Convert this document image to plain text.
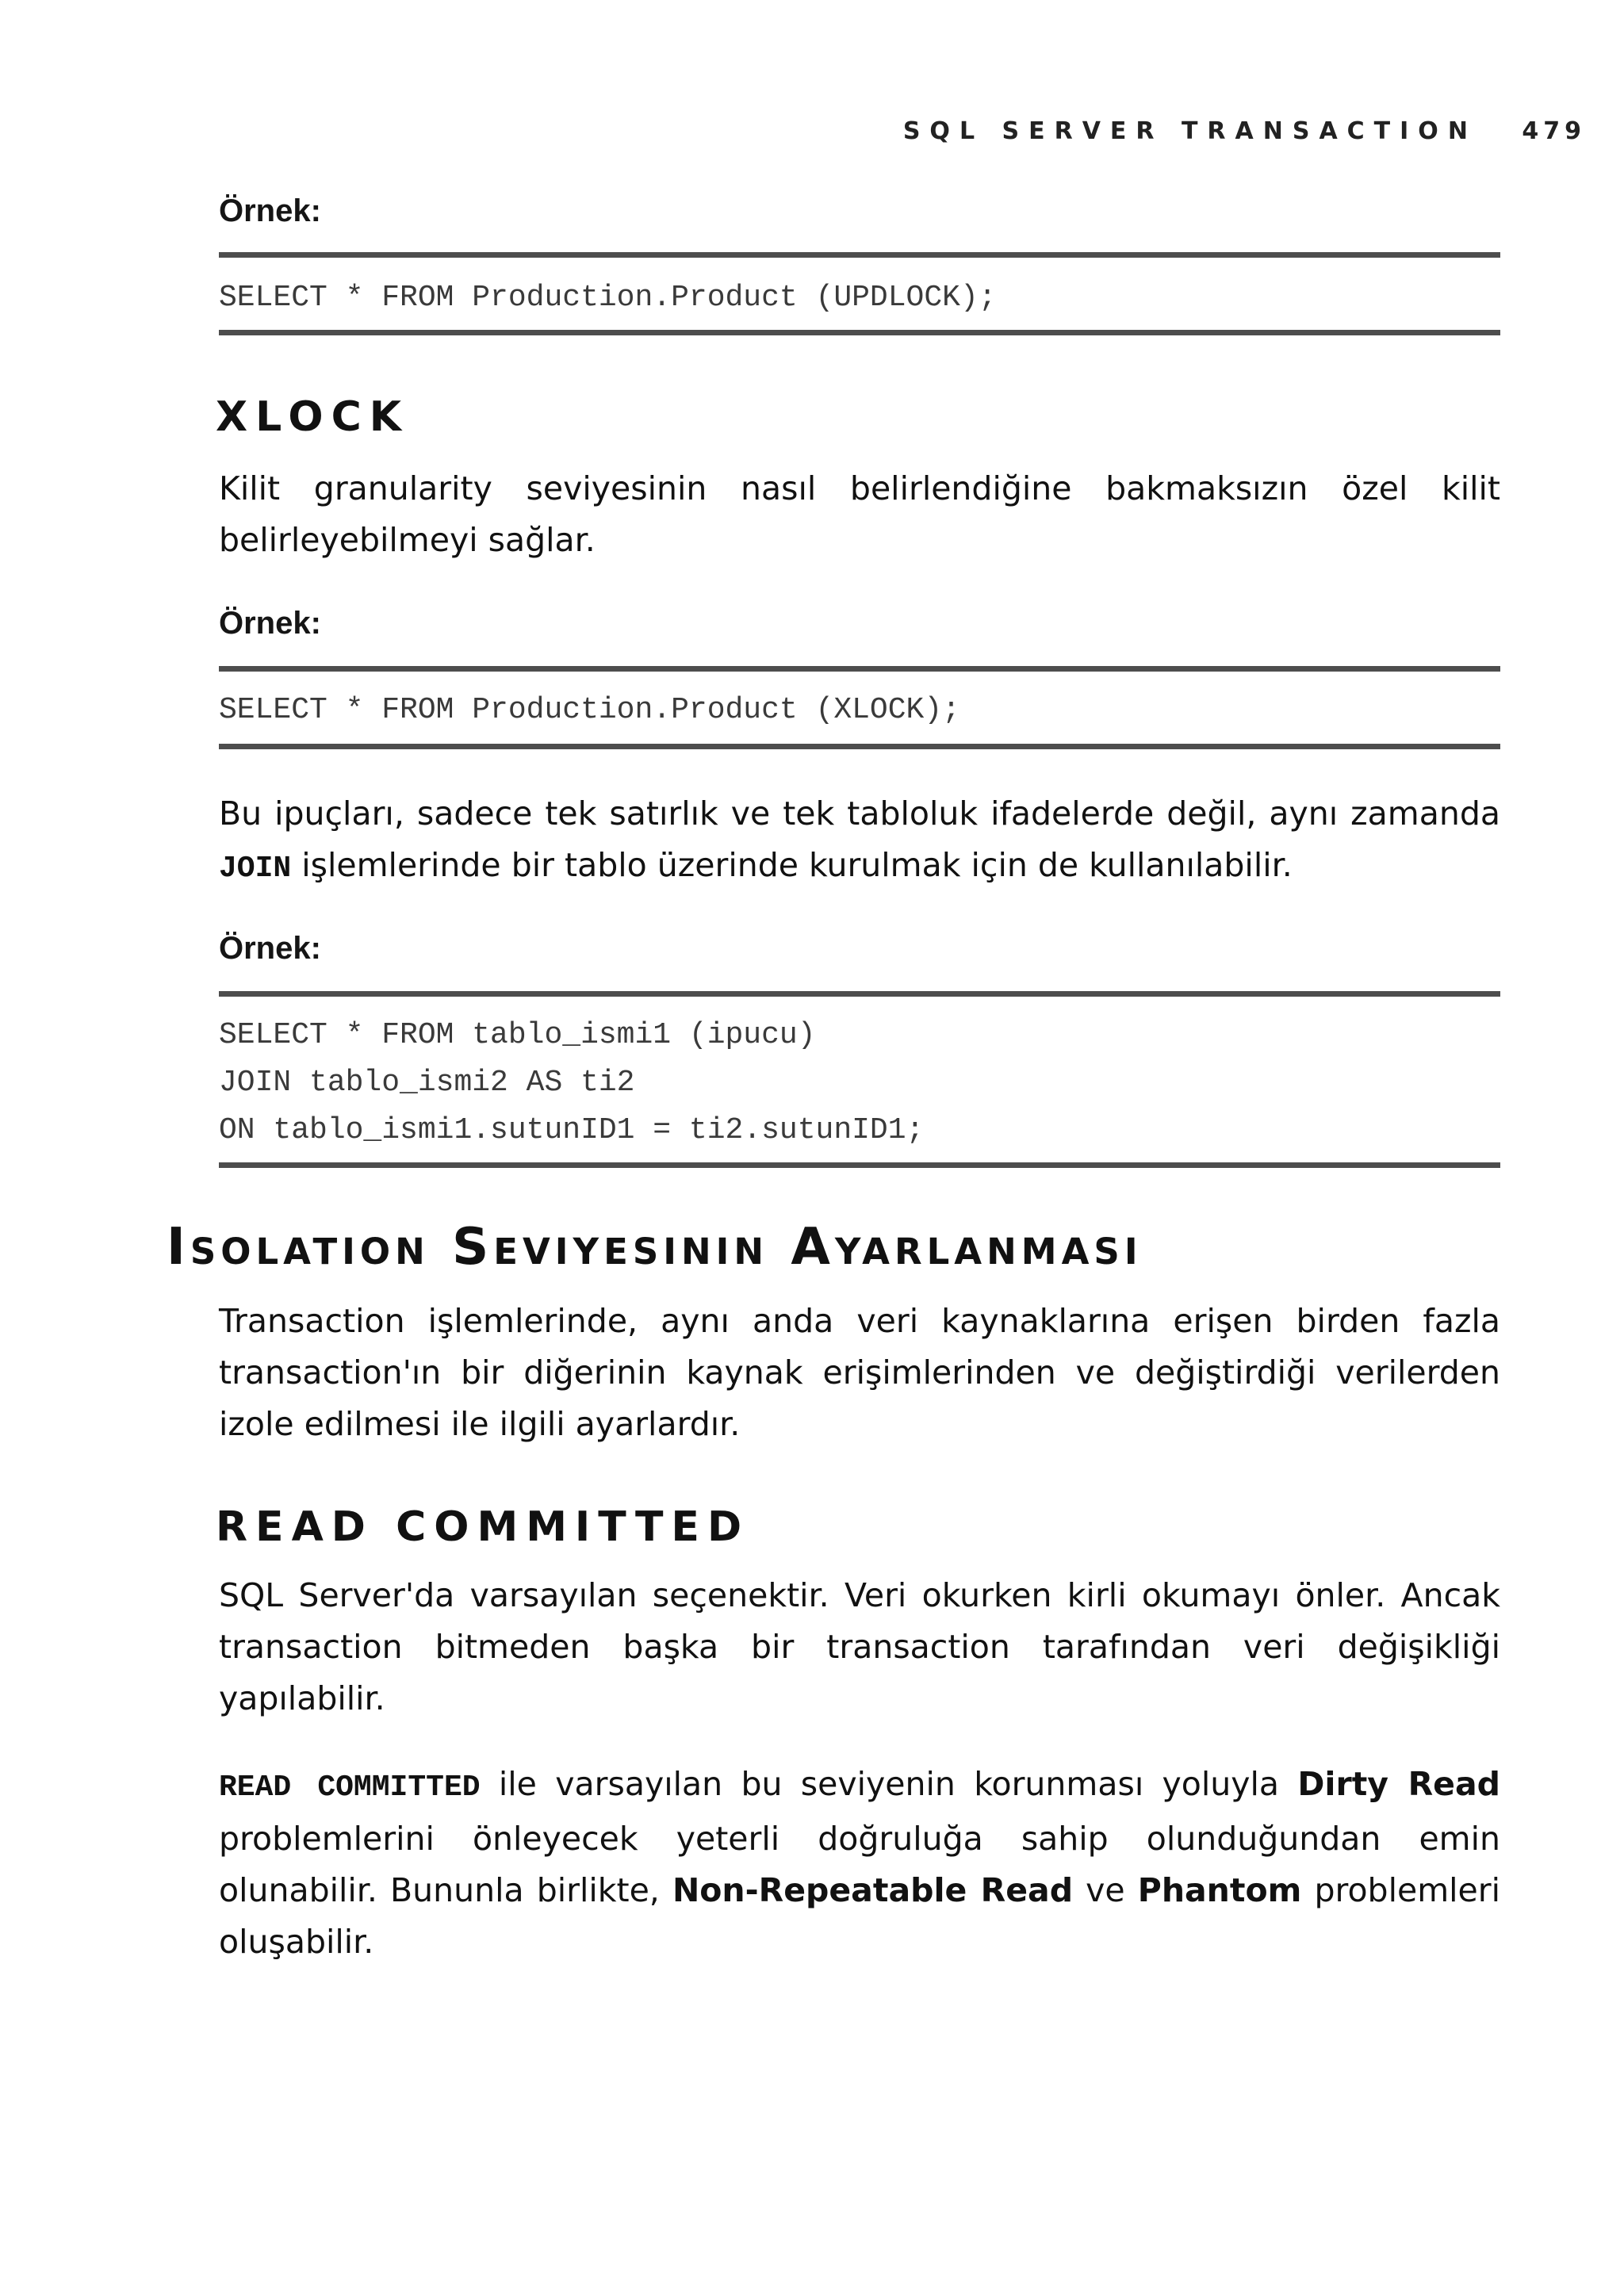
SQL SERVER TRANSACTION 479
Örnek:
SELECT * FROM Production.Product (UPDLOCK);
XLOCK
Kilit granularity seviyesinin nasıl belirlendiğine bakmaksızın özel kilit belirleyebilmeyi sağlar.
Örnek:
SELECT * FROM Production.Product (XLOCK);
Bu ipuçları, sadece tek satırlık ve tek tabloluk ifadelerde değil, aynı zamanda JOIN işlemlerinde bir tablo üzerinde kurulmak için de kullanılabilir.
Örnek:
SELECT * FROM tablo_ismi1 (ipucu)
JOIN tablo_ismi2 AS ti2
ON tablo_ismi1.sutunID1 = ti2.sutunID1;
Isolation Seviyesinin Ayarlanması
Transaction işlemlerinde, aynı anda veri kaynaklarına erişen birden fazla transaction'ın bir diğerinin kaynak erişimlerinden ve değiştirdiği verilerden izole edilmesi ile ilgili ayarlardır.
READ COMMITTED
SQL Server'da varsayılan seçenektir. Veri okurken kirli okumayı önler. Ancak transaction bitmeden başka bir transaction tarafından veri değişikliği yapılabilir.
READ COMMITTED ile varsayılan bu seviyenin korunması yoluyla Dirty Read problemlerini önleyecek yeterli doğruluğa sahip olunduğundan emin olunabilir. Bununla birlikte, Non-Repeatable Read ve Phantom problemleri oluşabilir.
